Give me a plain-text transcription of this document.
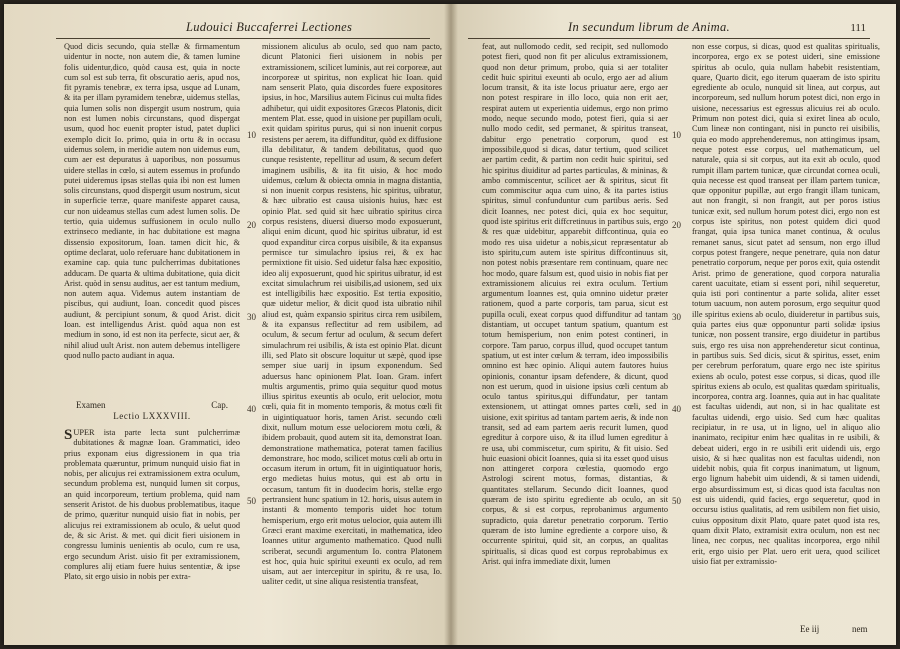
Ludouici Buccaferrei Lectiones

Quod dicis secundo, quia stellæ & firmamentum uidentur in nocte, non autem die, & tamen lumine folis uidentur,dico, quòd causa est, quia in nocte cum sol est sub terra, fit obscuratio aeris, apud nos, fit pyramis tenebræ, ex terra ipsa, usque ad Lunam, & ita per illam pyramidem tenebræ, uidemus stellas, quia lumen solis non dispergit usum nostrum, quia non est lumen nobis circunstans, quod dispergat usum, quod hoc euenit propter istud, patet duplici exemplo dicit Io. primo, quia in ortu & in occasu uidemus solem, in meridie autem non uidemus eum, cum aer est depuratus à uaporibus, non possumus uidere stellas in cœlo, si autem essemus in profundo putei uideremus ipsas stellas quia ibi non est lumen solis circunstans, quod dispergit usum nostrum, sicut in superficie terræ, quare manifeste apparet causa, cur non uideamus stellas cum adest lumen solis. De tertio, quia uidemus suffusionem in oculo nullo extrinseco mediante, in hac dubitatione est magna dissensio expositorum, Ioan. tamen dicit hic, & optime declarat, uolo referuare hanc dubitationem in examine cap. quia tunc pulcherrimas dubitationes adducam. De quarta & ultima dubitatione, quia dicit Arist. quòd in sensu auditus, aer est tantum medium, non autem aqua. Videmus autem instantiam de piscibus, qui audiunt, Ioan. concedit quod pisces audiunt, & percipiunt sonum, & quod Arist. dicit Ioan. est intelligendus Arist. quòd aqua non est medium in sono, id est non ita perfecte, sicut aer, & nihil aliud uult Arist. non autem debemus intelligere quod nullo pacto audiant in aqua.

Examen	Cap.
Lectio LXXXVIII.
S UPER ista parte lecta sunt pulcherrimæ dubitationes & magnæ Ioan. Grammatici, ideo prius exponam eius digressionem in qua tria problemata quæruntur, primum nunquid uisio fiat in nobis, per alicujus rei extramissionem extra oculum, secundum problema est, nunquid lumen sit corpus, an quid incorporeum, tertium problema, quid nam senserit Aristot. de his duobus problematibus, itaque de primo, quæritur nunquid uisio fiat in nobis, per alicujus rei extramissionem ab oculo, & uelut quod de, & sic Arist. & met. qui dicit fieri uisionem in congressu luminis uenientis ab oculo, cum re usa, ergo secundum Arist. uisio fit per extramissionem, complures alij etiam fuere huius sententiæ, & ipse Plato, sit ergo uisio in nobis per extra-

missionem aliculus ab oculo, sed quo nam pacto, dicunt Platonici fieri uisionem in nobis per extramissionem, scilicet luminis, aut rei corporeæ, aut incorporeæ ut spiritus, non explicat hic Ioan. quid nam senserit Plato, quia discordes fuere expositores ipsius, in hoc, Marsilius autem Ficinus cui multa fides adhibetur, qui uidit expositores Græcos Platonis, dicit mentem Plat. esse, quod in uisione per pupillam oculi, exit quidam spiritus purus, qui si non inuenit corpus resistens per aerem, ita diffunditur, quòd ex diffusione illa debilitatur, & tandem debilitatus, quod quo cunque resistente, repellitur ad usum, & secum defert imaginem usibilis, & ita fit uisio, & hoc modo uidemus, cœlum & obiecta omnia in magna distantia, si non inuenit corpus resistens, hic spiritus, uibratur, & hæc uibratio est causa uisionis huius, hæc est opinio Plat. sed quid sit hæc uibratio spiritus circa corpus resistens, diuersi diuerso modo exposuerunt, aliqui enim dicunt, quod hic spiritus uibratur, id est quod expanditur circa corpus uisibile, & ita expansus permisce tur simulachro ipsius rei, & ex hac permixtione fit uisio. Sed uidetur falsa hæc expositio, ideo alij exposuerunt, quod hic spiritus uibratur, id est excitat simulachrum rei uisibilis,ad usionem, sed uix est intelligibilis hæc expositio. Est tertia expositio, quæ uidetur melior, & dicit quod ista uibratio nihil aliud est, quàm expansio spiritus circa rem usibilem, & ita expansus reflectitur ad rem usibilem, ad oculum, & secum fertur ad oculum, & secum defert simulachrum rei usibilis, & ista est opinio Plat. dicunt illi, sed Plato sit obscure loquitur ut sæpè, quod ipse semper siue uarij in ipsum exponendum. Sed aduersus hanc opinionem Plat. Ioan. Gram. infert multis argumentis, primo quia sequitur quod motus illius spiritus exeuntis ab oculo, erit uelocior, motu cœli, quia fit in momento temporis, & motus cœli fit in uigintiquatuor horis, tamen Arist. secundo cœli dixit, nullum motum esse uelociorem motu cœli, & ibidem probauit, quod autem sit ita, demonstrat Ioan. demonstratione mathematica, poterat tamen facilius demonstrare, hoc modo, scilicet motus cœli ab ortu in occasum iterum in ortum, fit in uigintiquatuor horis, ergo medietas huius motus, qui est ab ortu in occasum, tantum fit in duodecim horis, stellæ ergo pertransient hunc spatium in 12. horis, uisus autem in instanti & momento temporis uidet hoc totum hemisperium, ergo erit motus uelocior, quia autem illi Græci erant maxime exercitati, in mathematica, ideo Ioannes utitur argumento mathematico. Quod nulli scriberat, secundi argumentum Io. contra Platonem est hoc, quia huic spiritui exeunti ex oculo, ad rem uisam, aut aer intercepitur in spiritu, & re usa, Io. ualiter cedit, ut sine aliqua resistentia transfeat,

10
20
30
40
50
In secundum librum de Anima.	111

feat, aut nullomodo cedit, sed recipit, sed nullomodo potest fieri, quod non fit per aliculus extramissionem, quod non detur primum, probo, quia si aer totaliter cedit huic spiritui exeunti ab oculo, ergo aer ad alium locum transit, & ita iste locus priuatur aere, ergo aer non potest respirare in illo loco, quia non erit aer, respirat autem ut experientia uidemus, ergo non primo modo, neque secundo modo, potest fieri, quia si aer nullo modo cedit, sed permanet, & spiritus transeat, dabitur ergo penetratio corporum, quod est impossibile,quod si dicas, datur tertium, quod scilicet aer partim cedit, & partim non cedit huic spiritui, sed hic spiritus diuiditur ad partes particulas, & mininas, & ambo commiscentur, scilicet aer & spiritus, sicut fit cum commiscitur aqua cum uino, & ita partes istius spiritus, simul confunduntur cum partibus aeris. Sed dicit Ioannes, nec potest dici, quia ex hoc sequitur, quod iste spiritus erit diffcretinuus in partibus suis, ergo & res quæ uidebitur, apparebit diffcontinua, quia eo modo res uisa uidetur a nobis,sicut repræsentatur ab isto spiritu,cum autem iste spiritus diffcontinuus sit, non potest nobis præsentare rem continuam, quare nec hoc modo, quare falsum est, quod uisio in nobis fiat per extramissionem alicuius rei extra oculum. Tertium argumentum Ioannes est, quia omnino uidetur præter rationem, quod a parte corporis, tam parua, sicut est pupilla oculi, exeat corpus quod diffunditur ad tantam distantiam, ut occupet tantum spatium, quantum est totum hemisperium, non enim potest contineri, in corpore. Tam paruo, corpus illud, quod occupet tantum spatium, ut est inter cœlum & terram, ideo impossibilis omnino est hæc opinio. Aliqui autem fautores huius opinionis, conantur ipsam defendere, & dicunt, quod non est uerum, quod in uisione ipsius cœli centum ab oculo tantus spiritus,qui diffundatur, per tantam extensionem, ut attingat omnes partes cœli, sed in uisione, exit spiritus ad tantam partem aeris, & inde non transit, sed ad eam partem aeris recurit lumen, quod egreditur à corpore uiso, & ita illud lumen egreditur à re usa, ubi commiscetur, cum spiritu, & fit uisio. Sed huic euasioni obicit Ioannes, quia si ita esset quod uisus non attingeret corpora cœlestia, quomodo ergo Astrologi scirent motus, formas, distantias, & quantitates stellarum. Secundo dicit Ioannes, quod quæram de isto spiritu egrediente ab oculo, an sit corpus, & si est corpus, reprobanimus argumento supradicto, quia daretur penetratio corporum. Tertio quæram de isto lumine egrediente a corpore uiso, & occurrente spiritui, quid sit, an corpus, an qualitas spiritualis, si dicas quod est corpus reprobabimus ex Arist. qui infra immediate dixit, lumen

non esse corpus, si dicas, quod est qualitas spiritualis, incorporea, ergo ex se potest uideri, sine emissione spiritus ab oculo, quia nullam habebit resistentiam, quare, Quarto dicit, ego iterum quaeram de isto spiritu egrediente ab oculo, nunquid sit linea, aut corpus, aut incorporeum, sed nullum horum potest dici, non ergo in uisione, necessarius est egressus alicuius rei ab oculo. Primum non potest dici, quia si exiret linea ab oculo, Cum lineæ non contingant, nisi in puncto rei uisibilis, quia eo modo apprehenderemus, non attingimus ipsam, neque potest esse corpus, uel mathematicum, uel naturale, quia si sit corpus, aut ita exit ab oculo, quod rumpit illam partem tunicæ, quæ circundat cornea oculi, quia necesse est quod transeat per illam partem tunicæ, quæ opponitur pupillæ, aut ergo frangit illam tunicam, aut non frangit, si non frangit, aut per poros istius tunicæ exit, sed nullum horum potest dici, ergo non est corpus iste spiritus, non potest quidem dici quod frangat, quia ipsa tunica manet continua, & oculus remanet sanus, sicut patet ad sensum, non ergo illud corpus potest frangere, neque penetrare, quia non datur penetratio corporum, neque per poros exit, quia ostendit Arist. primo de generatione, quod corpora naturalia carent uacuitate, etiam si essent pori, nihil sequeretur, quia isti pori continentur a parte solida, aliter esset totum uacuum, non autem porosum, ergo sequitur quod ille spiritus exiens ab oculo, diuideretur in partibus suis, quia partes eius quæ opponuntur parti solidæ ipsius tunicæ, non possent transire, ergo diuidetur in partibus suis, ergo res uisa non apprehenderetur sicut continua, in partibus suis. Sed dicis, sicut & spiritus, esset, enim per cerebrum perforatum, quare ergo nec iste spiritus exiens ab oculo, potest esse corpus, si dicas, quod ille spiritus exiens ab oculo, est qualitas quædam spiritualis, incorporea, contra arg. Ioannes, quia aut in hac qualitate est facultas uidendi, aut non, si in hac qualitate est facultas uidendi, ergo uisio. Sed cum hæc qualitas recipiatur, in re usa, ut in ligno, uel in aliquo alio inanimato, recipitur enim hæc qualitas in re usibili, & debeat uideri, ergo in re usibili erit uidendi uis, ergo uisio, & si hæc qualitas non est facultas uidendi, non uidebit nobis, quia fit corpus inanimatum, ut lignum, ergo lignum habebit uim uidendi, & si tamen uidendi, ergo absurdissimum est, si dicas quod ista facultas non est uis uidendi, quid facies, ergo sequeretur, quod in occursu istius qualitatis, ad rem usibilem non fiet uisio, cuius oppositum dixit Plato, quare patet quod ista res, quam dixit Plato, extramisit extra oculum, non est nec linea, nec corpus, nec qualitas incorporea, ergo nihil erit, ergo uisio per Plat. uero erit uera, quod scilicet uisio fiat per extramissio-

10
20
30
40
50
Ee iij	nem
